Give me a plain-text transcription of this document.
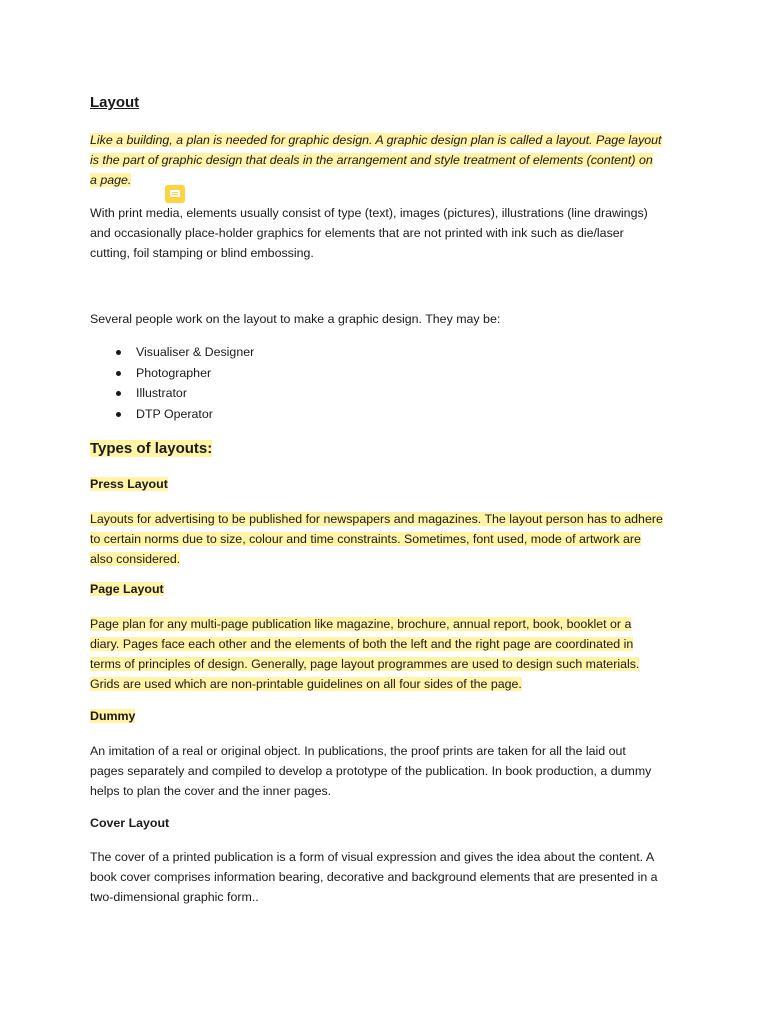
Layout

Like a building, a plan is needed for graphic design. A graphic design plan is called a layout. Page layout

is the part of graphic design that deals in the arrangement and style treatment of elements (content) on

a page.

With print media, elements usually consist of type (text), images (pictures), illustrations (line drawings)

and occasionally place-holder graphics for elements that are not printed with ink such as die/laser

cutting, foil stamping or blind embossing.

Several people work on the layout to make a graphic design. They may be:

Visualiser & Designer
Photographer
Illustrator
DTP Operator

Types of layouts:

Press Layout

Layouts for advertising to be published for newspapers and magazines. The layout person has to adhere

to certain norms due to size, colour and time constraints. Sometimes, font used, mode of artwork are

also considered.

Page Layout

Page plan for any multi-page publication like magazine, brochure, annual report, book, booklet or a

diary. Pages face each other and the elements of both the left and the right page are coordinated in

terms of principles of design. Generally, page layout programmes are used to design such materials.

Grids are used which are non-printable guidelines on all four sides of the page.

Dummy

An imitation of a real or original object. In publications, the proof prints are taken for all the laid out

pages separately and compiled to develop a prototype of the publication. In book production, a dummy

helps to plan the cover and the inner pages.

Cover Layout

The cover of a printed publication is a form of visual expression and gives the idea about the content. A

book cover comprises information bearing, decorative and background elements that are presented in a

two-dimensional graphic form..
